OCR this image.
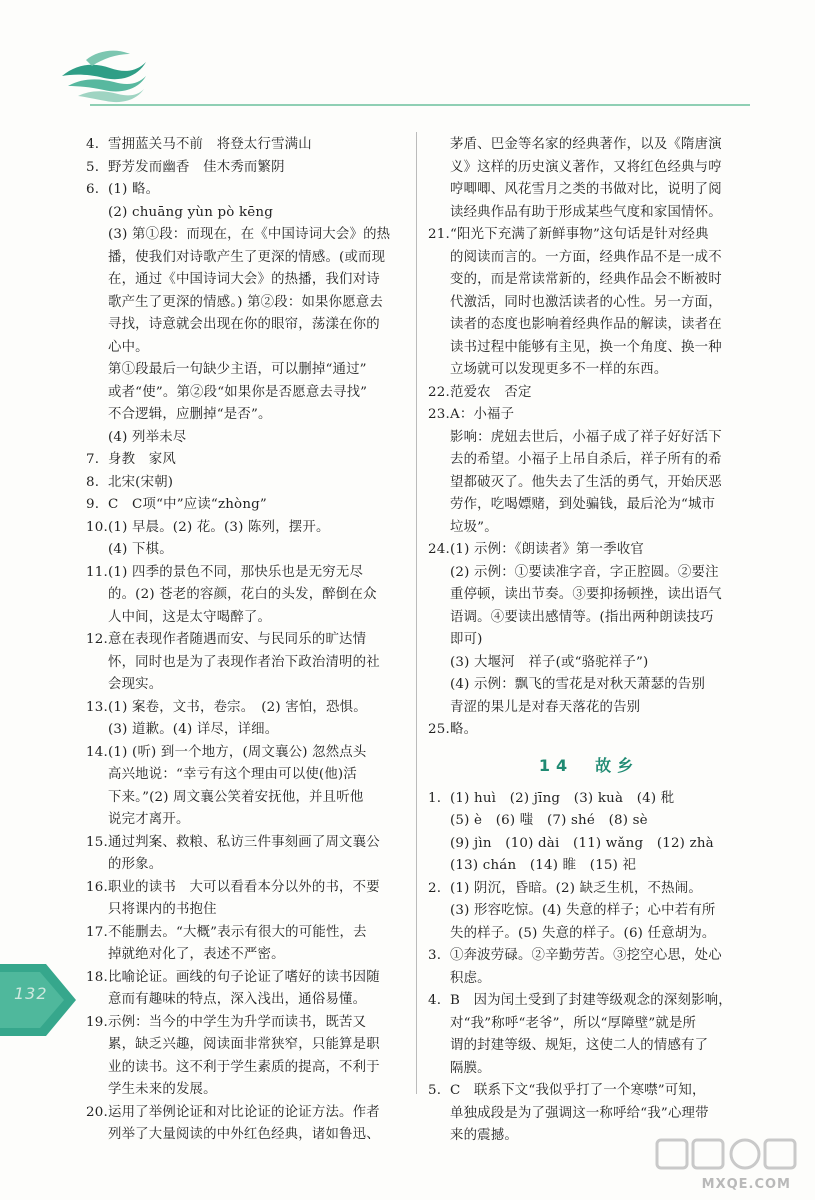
4. 雪拥蓝关马不前　将登太行雪满山
5. 野芳发而幽香　佳木秀而繁阴
6. (1) 略。
(2) chuāng yùn pò kēng
(3) 第①段：而现在，在《中国诗词大会》的热
播，使我们对诗歌产生了更深的情感。(或而现
在，通过《中国诗词大会》的热播，我们对诗
歌产生了更深的情感。) 第②段：如果你愿意去
寻找，诗意就会出现在你的眼帘，荡漾在你的
心中。
第①段最后一句缺少主语，可以删掉“通过”
或者“使”。第②段“如果你是否愿意去寻找”
不合逻辑，应删掉“是否”。
(4) 列举未尽
7. 身教　家风
8. 北宋(宋朝)
9. C　C项“中”应读“zhòng”
10. (1) 早晨。(2) 花。(3) 陈列，摆开。
(4) 下棋。
11. (1) 四季的景色不同，那快乐也是无穷无尽
的。(2) 苍老的容颜，花白的头发，醉倒在众
人中间，这是太守喝醉了。
12. 意在表现作者随遇而安、与民同乐的旷达情
怀，同时也是为了表现作者治下政治清明的社
会现实。
13. (1) 案卷，文书，卷宗。　(2) 害怕，恐惧。
(3) 道歉。(4) 详尽，详细。
14. (1) (听) 到一个地方，(周文襄公) 忽然点头
高兴地说：“幸亏有这个理由可以使(他)活
下来。”(2) 周文襄公笑着安抚他，并且听他
说完才离开。
15. 通过判案、救粮、私访三件事刻画了周文襄公
的形象。
16. 职业的读书　大可以看看本分以外的书，不要
只将课内的书抱住
17. 不能删去。“大概”表示有很大的可能性，去
掉就绝对化了，表述不严密。
18. 比喻论证。画线的句子论证了嗜好的读书因随
意而有趣味的特点，深入浅出，通俗易懂。
19. 示例：当今的中学生为升学而读书，既苦又
累，缺乏兴趣，阅读面非常狭窄，只能算是职
业的读书。这不利于学生素质的提高，不利于
学生未来的发展。
20. 运用了举例论证和对比论证的论证方法。作者
列举了大量阅读的中外红色经典，诸如鲁迅、
茅盾、巴金等名家的经典著作，以及《隋唐演
义》这样的历史演义著作，又将红色经典与哼
哼唧唧、风花雪月之类的书做对比，说明了阅
读经典作品有助于形成某些气度和家国情怀。
21. “阳光下充满了新鲜事物”这句话是针对经典
的阅读而言的。一方面，经典作品不是一成不
变的，而是常读常新的，经典作品会不断被时
代激活，同时也激活读者的心性。另一方面，
读者的态度也影响着经典作品的解读，读者在
读书过程中能够有主见，换一个角度、换一种
立场就可以发现更多不一样的东西。
22. 范爱农　否定
23. A：小福子
影响：虎妞去世后，小福子成了祥子好好活下
去的希望。小福子上吊自杀后，祥子所有的希
望都破灭了。他失去了生活的勇气，开始厌恶
劳作，吃喝嫖赌，到处骗钱，最后沦为“城市
垃圾”。
24. (1) 示例：《朗读者》第一季收官
(2) 示例：①要读准字音，字正腔圆。②要注
重停顿，读出节奏。③要抑扬顿挫，读出语气
语调。④要读出感情等。(指出两种朗读技巧
即可)
(3) 大堰河　祥子(或“骆驼祥子”)
(4) 示例：飘飞的雪花是对秋天萧瑟的告别
青涩的果儿是对春天落花的告别
25. 略。
14　故乡
1. (1) huì　(2) jīng　(3) kuà　(4) 秕
(5) è　(6) 嗤　(7) shé　(8) sè
(9) jìn　(10) dài　(11) wǎng　(12) zhà
(13) chán　(14) 睢　(15) 祀
2. (1) 阴沉，昏暗。(2) 缺乏生机，不热闹。
(3) 形容吃惊。(4) 失意的样子；心中若有所
失的样子。(5) 失意的样子。(6) 任意胡为。
3. ①奔波劳碌。②辛勤劳苦。③挖空心思，处心
积虑。
4. B　因为闰土受到了封建等级观念的深刻影响，
对“我”称呼“老爷”，所以“厚障壁”就是所
谓的封建等级、规矩，这使二人的情感有了
隔膜。
5. C　联系下文“我似乎打了一个寒噤”可知，
单独成段是为了强调这一称呼给“我”心理带
来的震撼。
132
MXQE.COM
